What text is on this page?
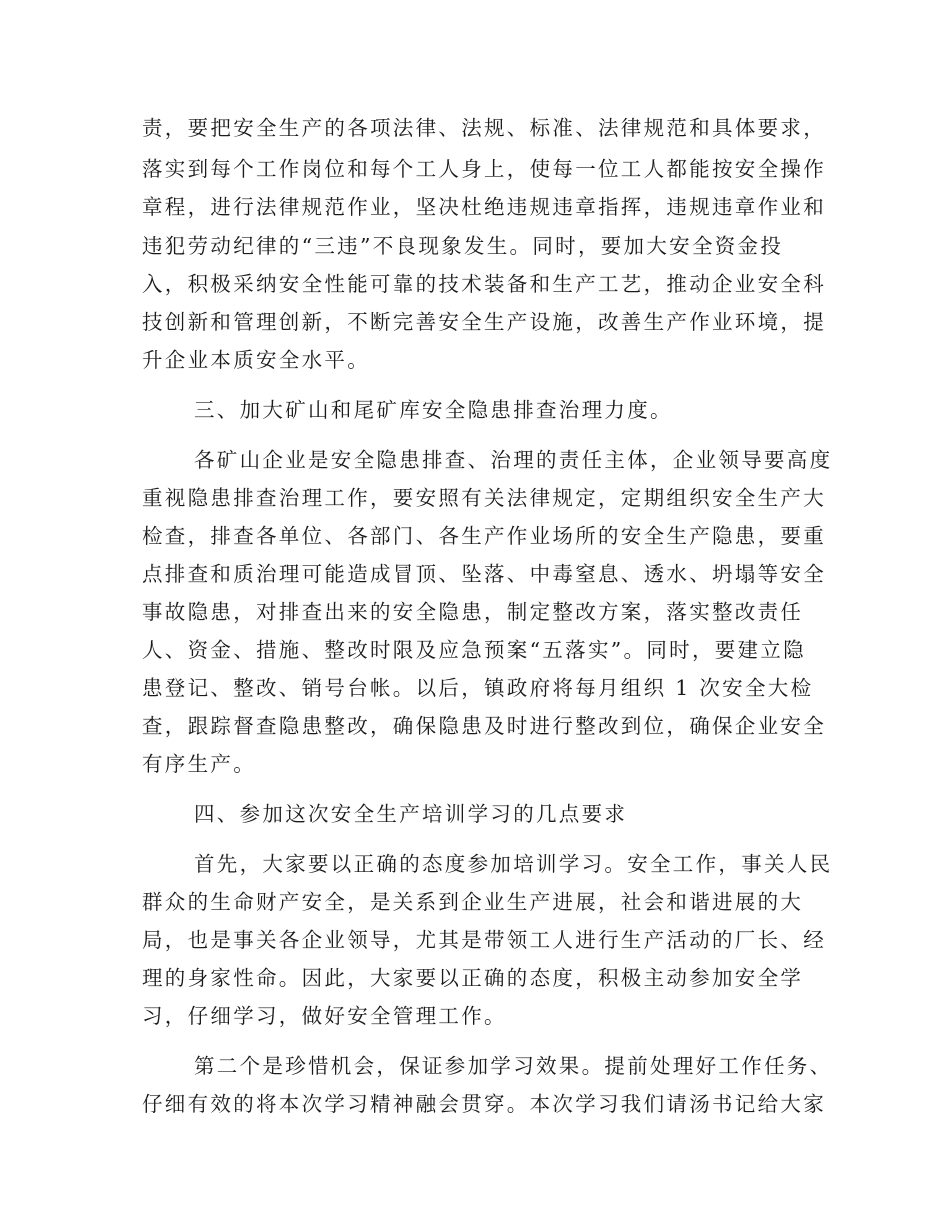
责，要把安全生产的各项法律、法规、标准、法律规范和具体要求，
落实到每个工作岗位和每个工人身上，使每一位工人都能按安全操作
章程，进行法律规范作业，坚决杜绝违规违章指挥，违规违章作业和
违犯劳动纪律的“三违”不良现象发生。同时，要加大安全资金投
入，积极采纳安全性能可靠的技术装备和生产工艺，推动企业安全科
技创新和管理创新，不断完善安全生产设施，改善生产作业环境，提
升企业本质安全水平。
三、加大矿山和尾矿库安全隐患排查治理力度。
各矿山企业是安全隐患排查、治理的责任主体，企业领导要高度
重视隐患排查治理工作，要安照有关法律规定，定期组织安全生产大
检查，排查各单位、各部门、各生产作业场所的安全生产隐患，要重
点排查和质治理可能造成冒顶、坠落、中毒窒息、透水、坍塌等安全
事故隐患，对排查出来的安全隐患，制定整改方案，落实整改责任
人、资金、措施、整改时限及应急预案“五落实”。同时，要建立隐
患登记、整改、销号台帐。以后，镇政府将每月组织 1 次安全大检
查，跟踪督查隐患整改，确保隐患及时进行整改到位，确保企业安全
有序生产。
四、参加这次安全生产培训学习的几点要求
首先，大家要以正确的态度参加培训学习。安全工作，事关人民
群众的生命财产安全，是关系到企业生产进展，社会和谐进展的大
局，也是事关各企业领导，尤其是带领工人进行生产活动的厂长、经
理的身家性命。因此，大家要以正确的态度，积极主动参加安全学
习，仔细学习，做好安全管理工作。
第二个是珍惜机会，保证参加学习效果。提前处理好工作任务、
仔细有效的将本次学习精神融会贯穿。本次学习我们请汤书记给大家
